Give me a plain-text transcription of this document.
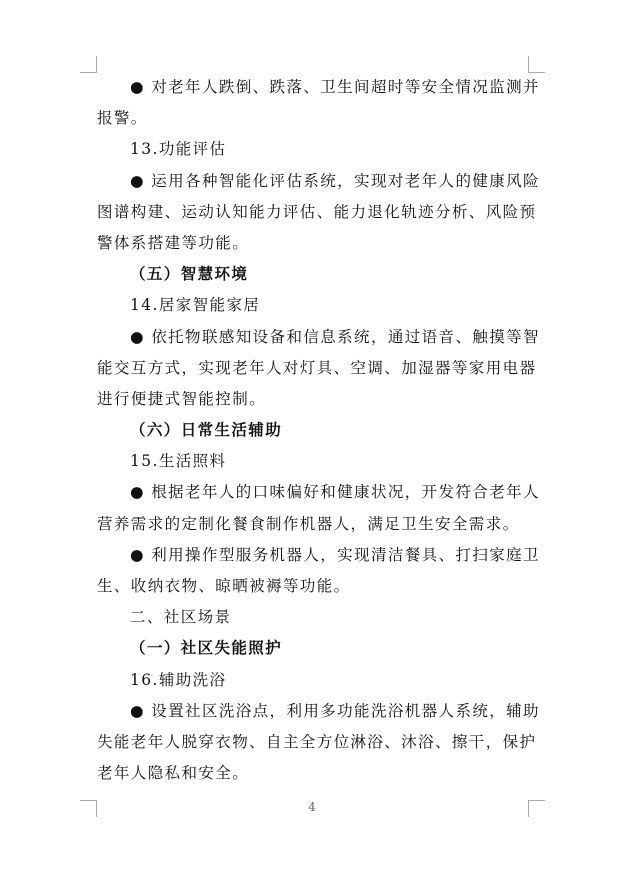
● 对老年人跌倒、跌落、卫生间超时等安全情况监测并
报警。
13.功能评估
● 运用各种智能化评估系统，实现对老年人的健康风险
图谱构建、运动认知能力评估、能力退化轨迹分析、风险预
警体系搭建等功能。
（五）智慧环境
14.居家智能家居
● 依托物联感知设备和信息系统，通过语音、触摸等智
能交互方式，实现老年人对灯具、空调、加湿器等家用电器
进行便捷式智能控制。
（六）日常生活辅助
15.生活照料
● 根据老年人的口味偏好和健康状况，开发符合老年人
营养需求的定制化餐食制作机器人，满足卫生安全需求。
● 利用操作型服务机器人，实现清洁餐具、打扫家庭卫
生、收纳衣物、晾晒被褥等功能。
二、社区场景
（一）社区失能照护
16.辅助洗浴
● 设置社区洗浴点，利用多功能洗浴机器人系统，辅助
失能老年人脱穿衣物、自主全方位淋浴、沐浴、擦干，保护
老年人隐私和安全。
4
